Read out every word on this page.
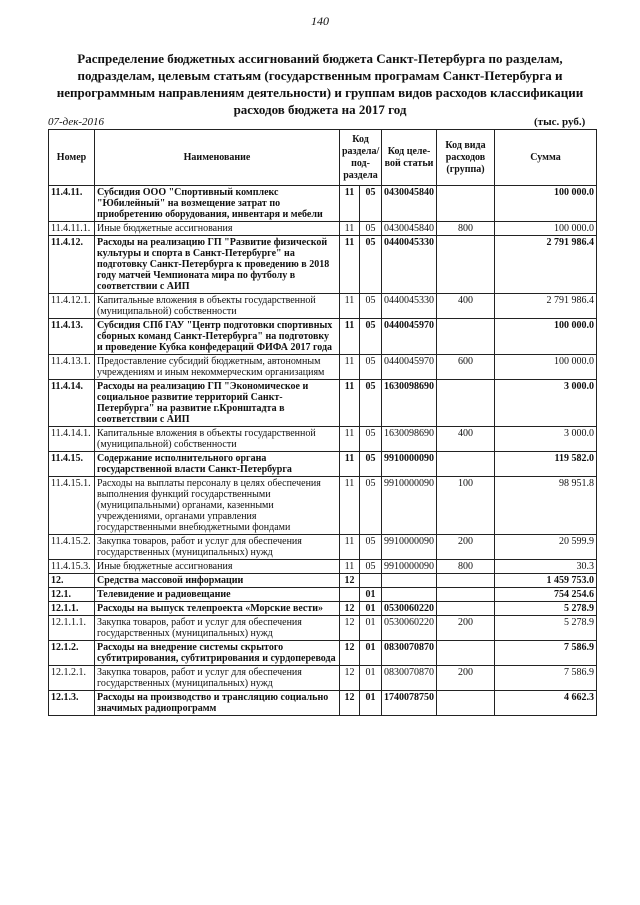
140
Распределение бюджетных ассигнований бюджета Санкт-Петербурга по разделам, подразделам, целевым статьям (государственным програмам Санкт-Петербурга и непрограммным направлениям деятельности) и группам видов расходов классификации расходов бюджета на 2017 год
07-дек-2016	(тыс. руб.)
Номер	Наименование	Код раздела/ под-раздела		Код целе-вой статьи	Код вида расходов (группа)	Сумма
11.4.11.	Субсидия ООО "Спортивный комплекс "Юбилейный" на возмещение затрат по приобретению оборудования, инвентаря и мебели	11	05	0430045840		100 000.0
11.4.11.1.	Иные бюджетные ассигнования	11	05	0430045840	800	100 000.0
11.4.12.	Расходы на реализацию ГП "Развитие физической культуры и спорта в Санкт-Петербурге" на подготовку Санкт-Петербурга к проведению в 2018 году матчей Чемпионата мира по футболу в соответствии с АИП	11	05	0440045330		2 791 986.4
11.4.12.1.	Капитальные вложения в объекты государственной (муниципальной) собственности	11	05	0440045330	400	2 791 986.4
11.4.13.	Субсидия СПб ГАУ "Центр подготовки спортивных сборных команд Санкт-Петербурга" на подготовку и проведение Кубка конфедераций ФИФА 2017 года	11	05	0440045970		100 000.0
11.4.13.1.	Предоставление субсидий бюджетным, автономным учреждениям и иным некоммерческим организациям	11	05	0440045970	600	100 000.0
11.4.14.	Расходы на реализацию ГП "Экономическое и социальное развитие территорий Санкт-Петербурга" на развитие г.Кронштадта в соответствии с АИП	11	05	1630098690		3 000.0
11.4.14.1.	Капитальные вложения в объекты государственной (муниципальной) собственности	11	05	1630098690	400	3 000.0
11.4.15.	Содержание исполнительного органа государственной власти Санкт-Петербурга	11	05	9910000090		119 582.0
11.4.15.1.	Расходы на выплаты персоналу в целях обеспечения выполнения функций государственными (муниципальными) органами, казенными учреждениями, органами управления государственными внебюджетными фондами	11	05	9910000090	100	98 951.8
11.4.15.2.	Закупка товаров, работ и услуг для обеспечения государственных (муниципальных) нужд	11	05	9910000090	200	20 599.9
11.4.15.3.	Иные бюджетные ассигнования	11	05	9910000090	800	30.3
12.	Средства массовой информации	12				1 459 753.0
12.1.	Телевидение и радиовещание		01			754 254.6
12.1.1.	Расходы на выпуск телепроекта «Морские вести»	12	01	0530060220		5 278.9
12.1.1.1.	Закупка товаров, работ и услуг для обеспечения государственных (муниципальных) нужд	12	01	0530060220	200	5 278.9
12.1.2.	Расходы на внедрение системы скрытого субтитрирования, субтитрирования и сурдоперевода	12	01	0830070870		7 586.9
12.1.2.1.	Закупка товаров, работ и услуг для обеспечения государственных (муниципальных) нужд	12	01	0830070870	200	7 586.9
12.1.3.	Расходы на производство и трансляцию социально значимых радиопрограмм	12	01	1740078750		4 662.3
